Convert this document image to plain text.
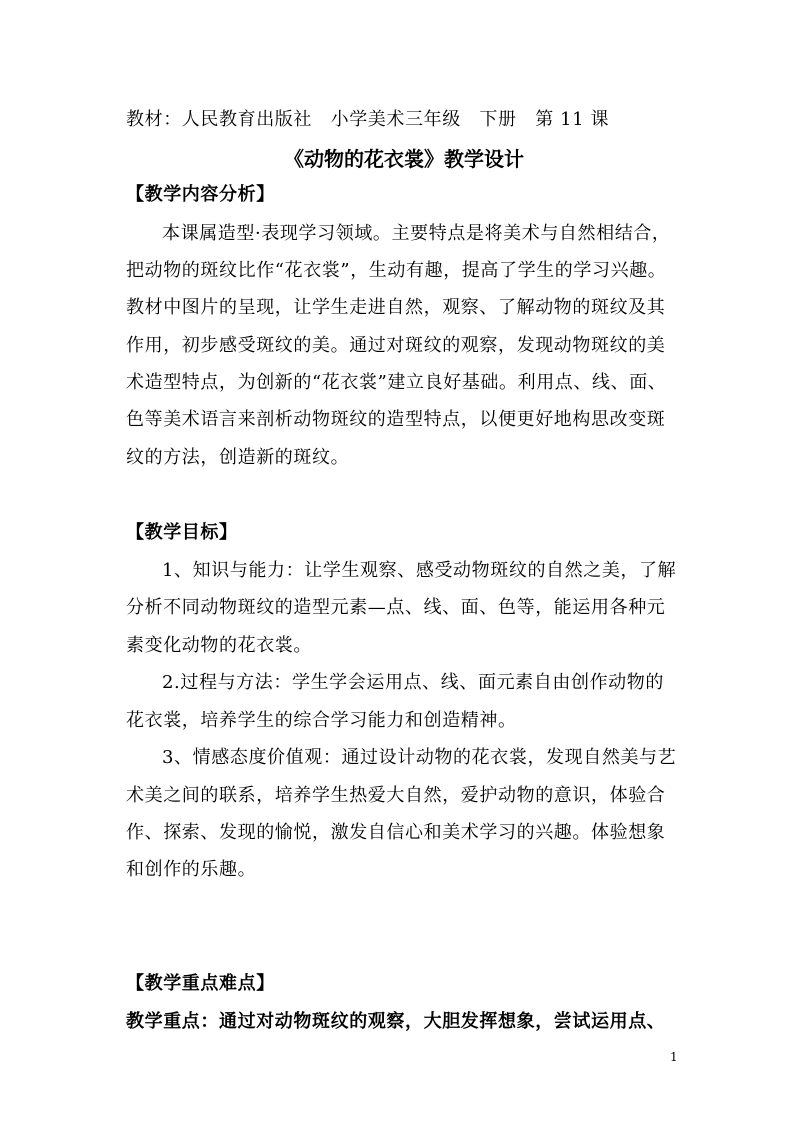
教材：人民教育出版社　小学美术三年级　下册　第 11 课
《动物的花衣裳》教学设计
【教学内容分析】
本课属造型·表现学习领域。主要特点是将美术与自然相结合，
把动物的斑纹比作“花衣裳”，生动有趣，提高了学生的学习兴趣。
教材中图片的呈现，让学生走进自然，观察、了解动物的斑纹及其
作用，初步感受斑纹的美。通过对斑纹的观察，发现动物斑纹的美
术造型特点，为创新的“花衣裳”建立良好基础。利用点、线、面、
色等美术语言来剖析动物斑纹的造型特点，以便更好地构思改变斑
纹的方法，创造新的斑纹。
【教学目标】
1、知识与能力：让学生观察、感受动物斑纹的自然之美，了解
分析不同动物斑纹的造型元素—点、线、面、色等，能运用各种元
素变化动物的花衣裳。
2.过程与方法：学生学会运用点、线、面元素自由创作动物的
花衣裳，培养学生的综合学习能力和创造精神。
3、情感态度价值观：通过设计动物的花衣裳，发现自然美与艺
术美之间的联系，培养学生热爱大自然，爱护动物的意识，体验合
作、探索、发现的愉悦，激发自信心和美术学习的兴趣。体验想象
和创作的乐趣。
【教学重点难点】
教学重点：通过对动物斑纹的观察，大胆发挥想象，尝试运用点、
1
